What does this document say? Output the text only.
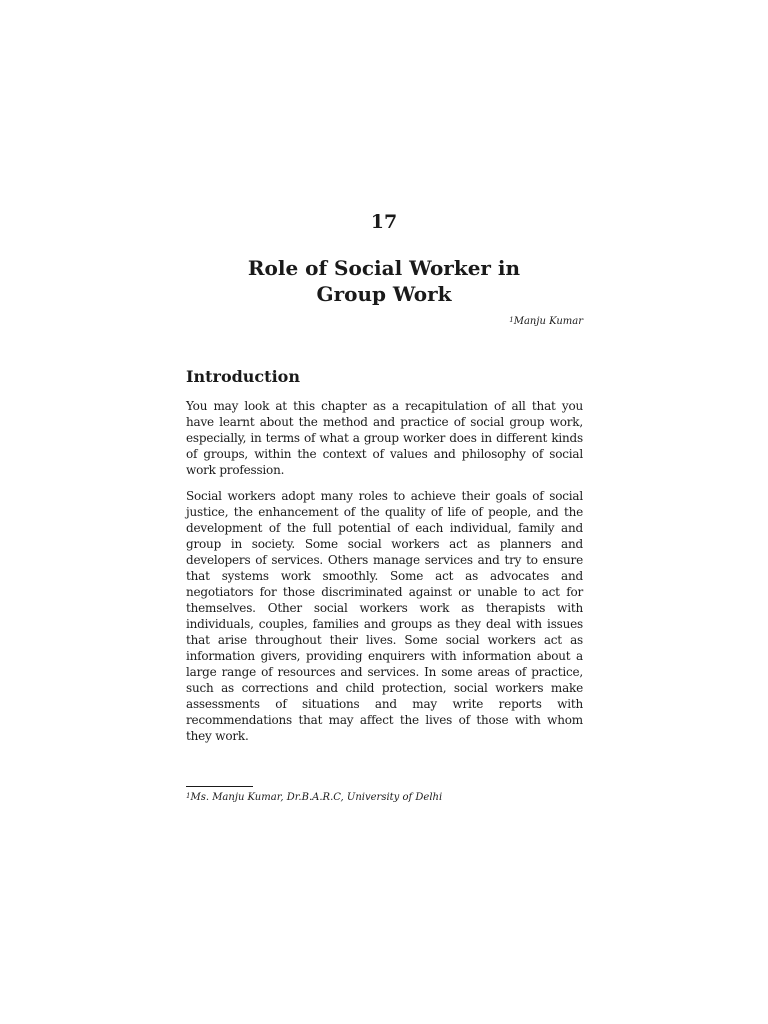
17
Role of Social Worker in
Group Work
$^1$Manju Kumar
Introduction

You may look at this chapter as a recapitulation of all that you have learnt about the method and practice of social group work, especially, in terms of what a group worker does in different kinds of groups, within the context of values and philosophy of social work profession.

Social workers adopt many roles to achieve their goals of social justice, the enhancement of the quality of life of people, and the development of the full potential of each individual, family and group in society. Some social workers act as planners and developers of services. Others manage services and try to ensure that systems work smoothly. Some act as advocates and negotiators for those discriminated against or unable to act for themselves. Other social workers work as therapists with individuals, couples, families and groups as they deal with issues that arise throughout their lives. Some social workers act as information givers, providing enquirers with information about a large range of resources and services. In some areas of practice, such as corrections and child protection, social workers make assessments of situations and may write reports with recommendations that may affect the lives of those with whom they work.

$^1$Ms. Manju Kumar, Dr.B.A.R.C, University of Delhi
